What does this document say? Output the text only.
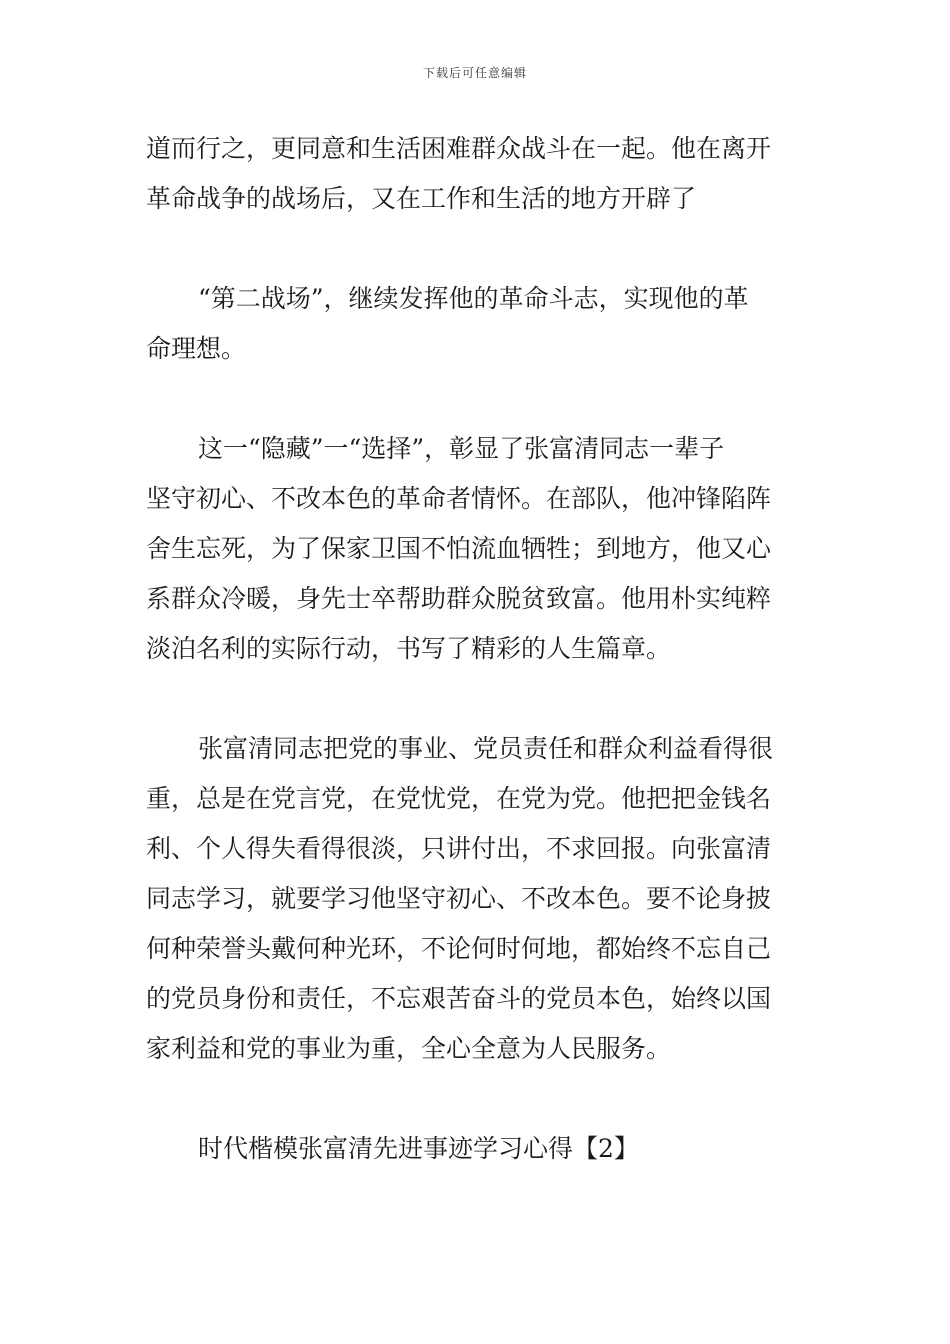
下载后可任意编辑
道而行之，更同意和生活困难群众战斗在一起。他在离开
革命战争的战场后，又在工作和生活的地方开辟了
“第二战场”，继续发挥他的革命斗志，实现他的革
命理想。
这一“隐藏”一“选择”，彰显了张富清同志一辈子
坚守初心、不改本色的革命者情怀。在部队，他冲锋陷阵
舍生忘死，为了保家卫国不怕流血牺牲；到地方，他又心
系群众冷暖，身先士卒帮助群众脱贫致富。他用朴实纯粹
淡泊名利的实际行动，书写了精彩的人生篇章。
张富清同志把党的事业、党员责任和群众利益看得很
重，总是在党言党，在党忧党，在党为党。他把把金钱名
利、个人得失看得很淡，只讲付出，不求回报。向张富清
同志学习，就要学习他坚守初心、不改本色。要不论身披
何种荣誉头戴何种光环，不论何时何地，都始终不忘自己
的党员身份和责任，不忘艰苦奋斗的党员本色，始终以国
家利益和党的事业为重，全心全意为人民服务。
时代楷模张富清先进事迹学习心得【2】
